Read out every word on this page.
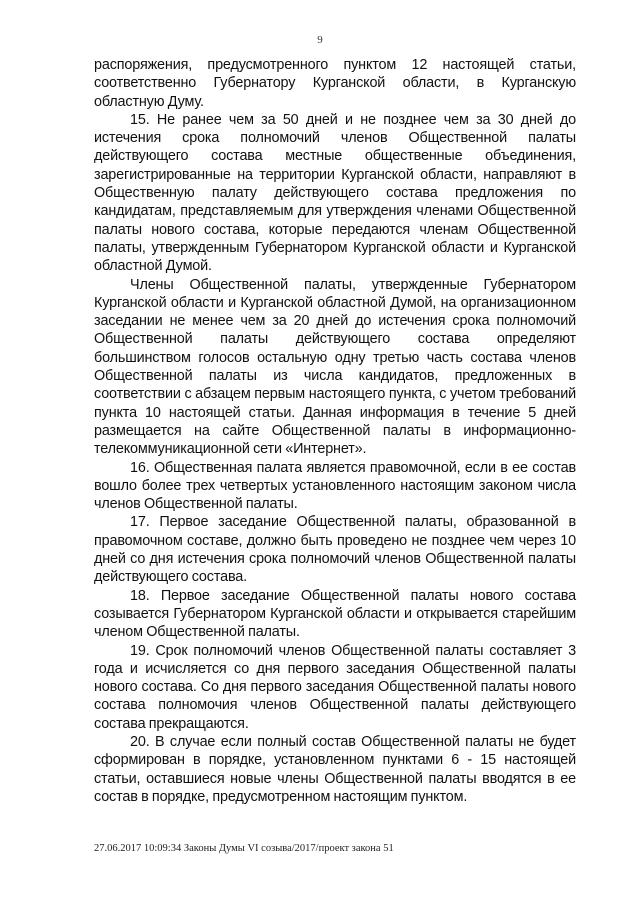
9

распоряжения, предусмотренного пунктом 12 настоящей статьи, соответственно Губернатору Курганской области, в Курганскую областную Думу.

15. Не ранее чем за 50 дней и не позднее чем за 30 дней до истечения срока полномочий членов Общественной палаты действующего состава местные общественные объединения, зарегистрированные на территории Курганской области, направляют в Общественную палату действующего состава предложения по кандидатам, представляемым для утверждения членами Общественной палаты нового состава, которые передаются членам Общественной палаты, утвержденным Губернатором Курганской области и Курганской областной Думой.

Члены Общественной палаты, утвержденные Губернатором Курганской области и Курганской областной Думой, на организационном заседании не менее чем за 20 дней до истечения срока полномочий Общественной палаты действующего состава определяют большинством голосов остальную одну третью часть состава членов Общественной палаты из числа кандидатов, предложенных в соответствии с абзацем первым настоящего пункта, с учетом требований пункта 10 настоящей статьи. Данная информация в течение 5 дней размещается на сайте Общественной палаты в информационно-телекоммуникационной сети «Интернет».

16. Общественная палата является правомочной, если в ее состав вошло более трех четвертых установленного настоящим законом числа членов Общественной палаты.

17. Первое заседание Общественной палаты, образованной в правомочном составе, должно быть проведено не позднее чем через 10 дней со дня истечения срока полномочий членов Общественной палаты действующего состава.

18. Первое заседание Общественной палаты нового состава созывается Губернатором Курганской области и открывается старейшим членом Общественной палаты.

19. Срок полномочий членов Общественной палаты составляет 3 года и исчисляется со дня первого заседания Общественной палаты нового состава. Со дня первого заседания Общественной палаты нового состава полномочия членов Общественной палаты действующего состава прекращаются.

20. В случае если полный состав Общественной палаты не будет сформирован в порядке, установленном пунктами 6 - 15 настоящей статьи, оставшиеся новые члены Общественной палаты вводятся в ее состав в порядке, предусмотренном настоящим пунктом.

27.06.2017 10:09:34 Законы Думы VI созыва/2017/проект закона 51
